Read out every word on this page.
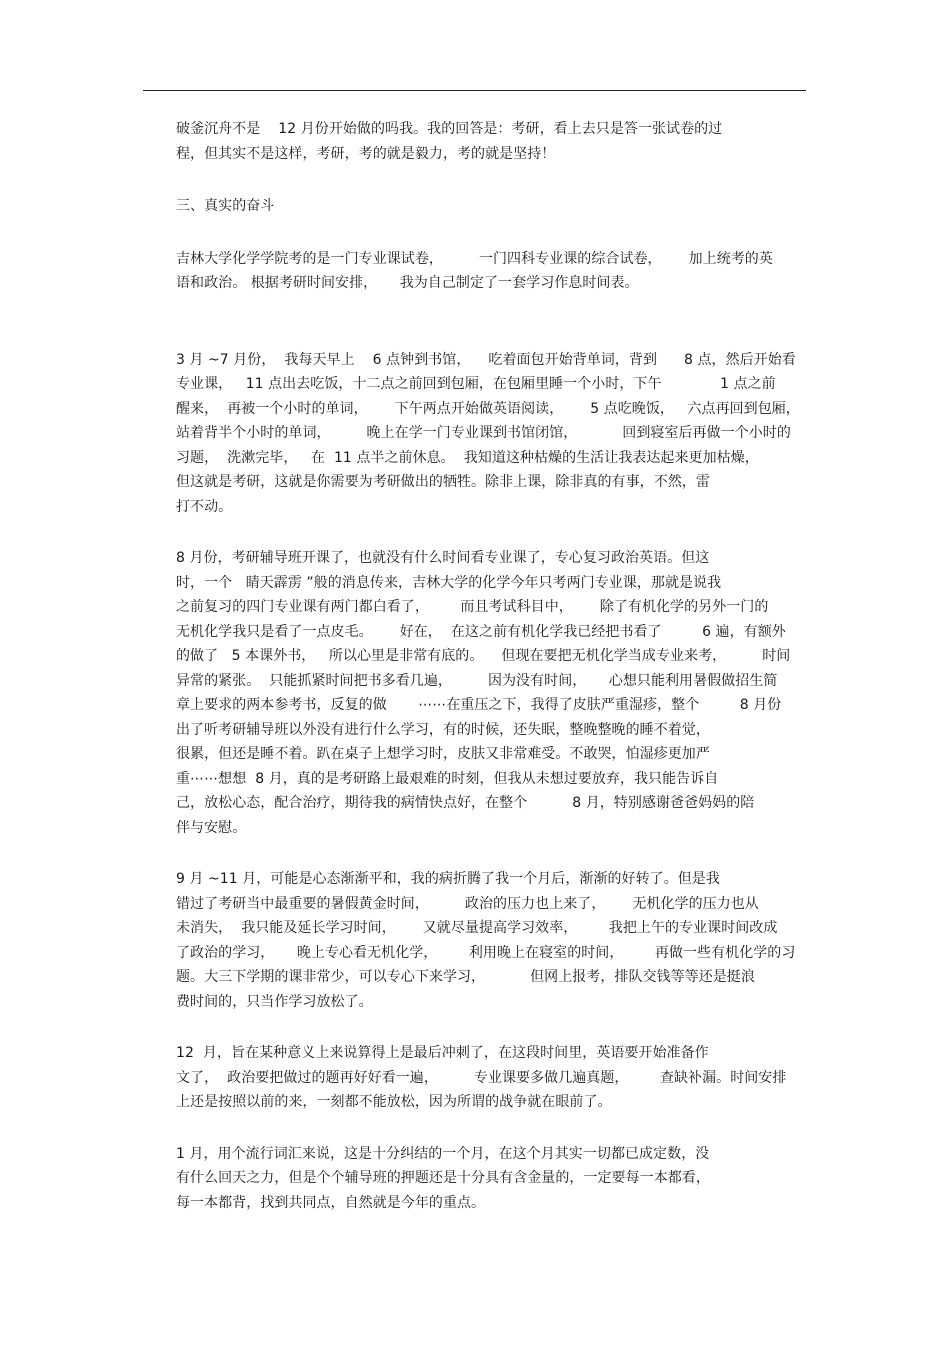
破釜沉舟不是    12 月份开始做的吗我。我的回答是：考研，看上去只是答一张试卷的过
程，但其实不是这样，考研，考的就是毅力，考的就是坚持！
三、真实的奋斗
吉林大学化学学院考的是一门专业课试卷，        一门四科专业课的综合试卷，      加上统考的英
语和政治。 根据考研时间安排，     我为自己制定了一套学习作息时间表。
3 月 ~7 月份，  我每天早上    6 点钟到书馆，    吃着面包开始背单词，背到      8 点，然后开始看
专业课，   11 点出去吃饭，十二点之前回到包厢，在包厢里睡一个小时，下午             1 点之前
醒来，  再被一个小时的单词，      下午两点开始做英语阅读，      5 点吃晚饭，   六点再回到包厢，
站着背半个小时的单词，        晚上在学一门专业课到书馆闭馆，          回到寝室后再做一个小时的
习题，  洗漱完毕，   在  11 点半之前休息。  我知道这种枯燥的生活让我表达起来更加枯燥，
但这就是考研，这就是你需要为考研做出的牺牲。除非上课，除非真的有事，不然，雷
打不动。
8 月份，考研辅导班开课了，也就没有什么时间看专业课了，专心复习政治英语。但这
时，一个   睛天霹雳 ”般的消息传来，吉林大学的化学今年只考两门专业课，那就是说我
之前复习的四门专业课有两门都白看了，       而且考试科目中，      除了有机化学的另外一门的
无机化学我只是看了一点皮毛。      好在，  在这之前有机化学我已经把书看了         6 遍，有额外
的做了   5 本课外书，   所以心里是非常有底的。    但现在要把无机化学当成专业来考，        时间
异常的紧张。  只能抓紧时间把书多看几遍，        因为没有时间，     心想只能利用暑假做招生简
章上要求的两本参考书，反复的做       ⋯⋯在重压之下，我得了皮肤严重湿疹，整个         8 月份
出了听考研辅导班以外没有进行什么学习，有的时候，还失眠，整晚整晚的睡不着觉，
很累，但还是睡不着。趴在桌子上想学习时，皮肤又非常难受。不敢哭，怕湿疹更加严
重⋯⋯想想  8 月，真的是考研路上最艰难的时刻，但我从未想过要放弃，我只能告诉自
己，放松心态，配合治疗，期待我的病情快点好，在整个          8 月，特别感谢爸爸妈妈的陪
伴与安慰。
9 月 ~11 月，可能是心态渐渐平和，我的病折腾了我一个月后，渐渐的好转了。但是我
错过了考研当中最重要的暑假黄金时间，        政治的压力也上来了，      无机化学的压力也从
未消失，  我只能及延长学习时间，      又就尽量提高学习效率，       我把上午的专业课时间改成
了政治的学习，     晚上专心看无机化学，       利用晚上在寝室的时间，       再做一些有机化学的习
题。大三下学期的课非常少，可以专心下来学习，          但网上报考，排队交钱等等还是挺浪
费时间的，只当作学习放松了。
12  月，旨在某种意义上来说算得上是最后冲刺了，在这段时间里，英语要开始准备作
文了，  政治要把做过的题再好好看一遍，        专业课要多做几遍真题，       查缺补漏。时间安排
上还是按照以前的来，一刻都不能放松，因为所谓的战争就在眼前了。
1 月，用个流行词汇来说，这是十分纠结的一个月，在这个月其实一切都已成定数，没
有什么回天之力，但是个个辅导班的押题还是十分具有含金量的，一定要每一本都看，
每一本都背，找到共同点，自然就是今年的重点。
